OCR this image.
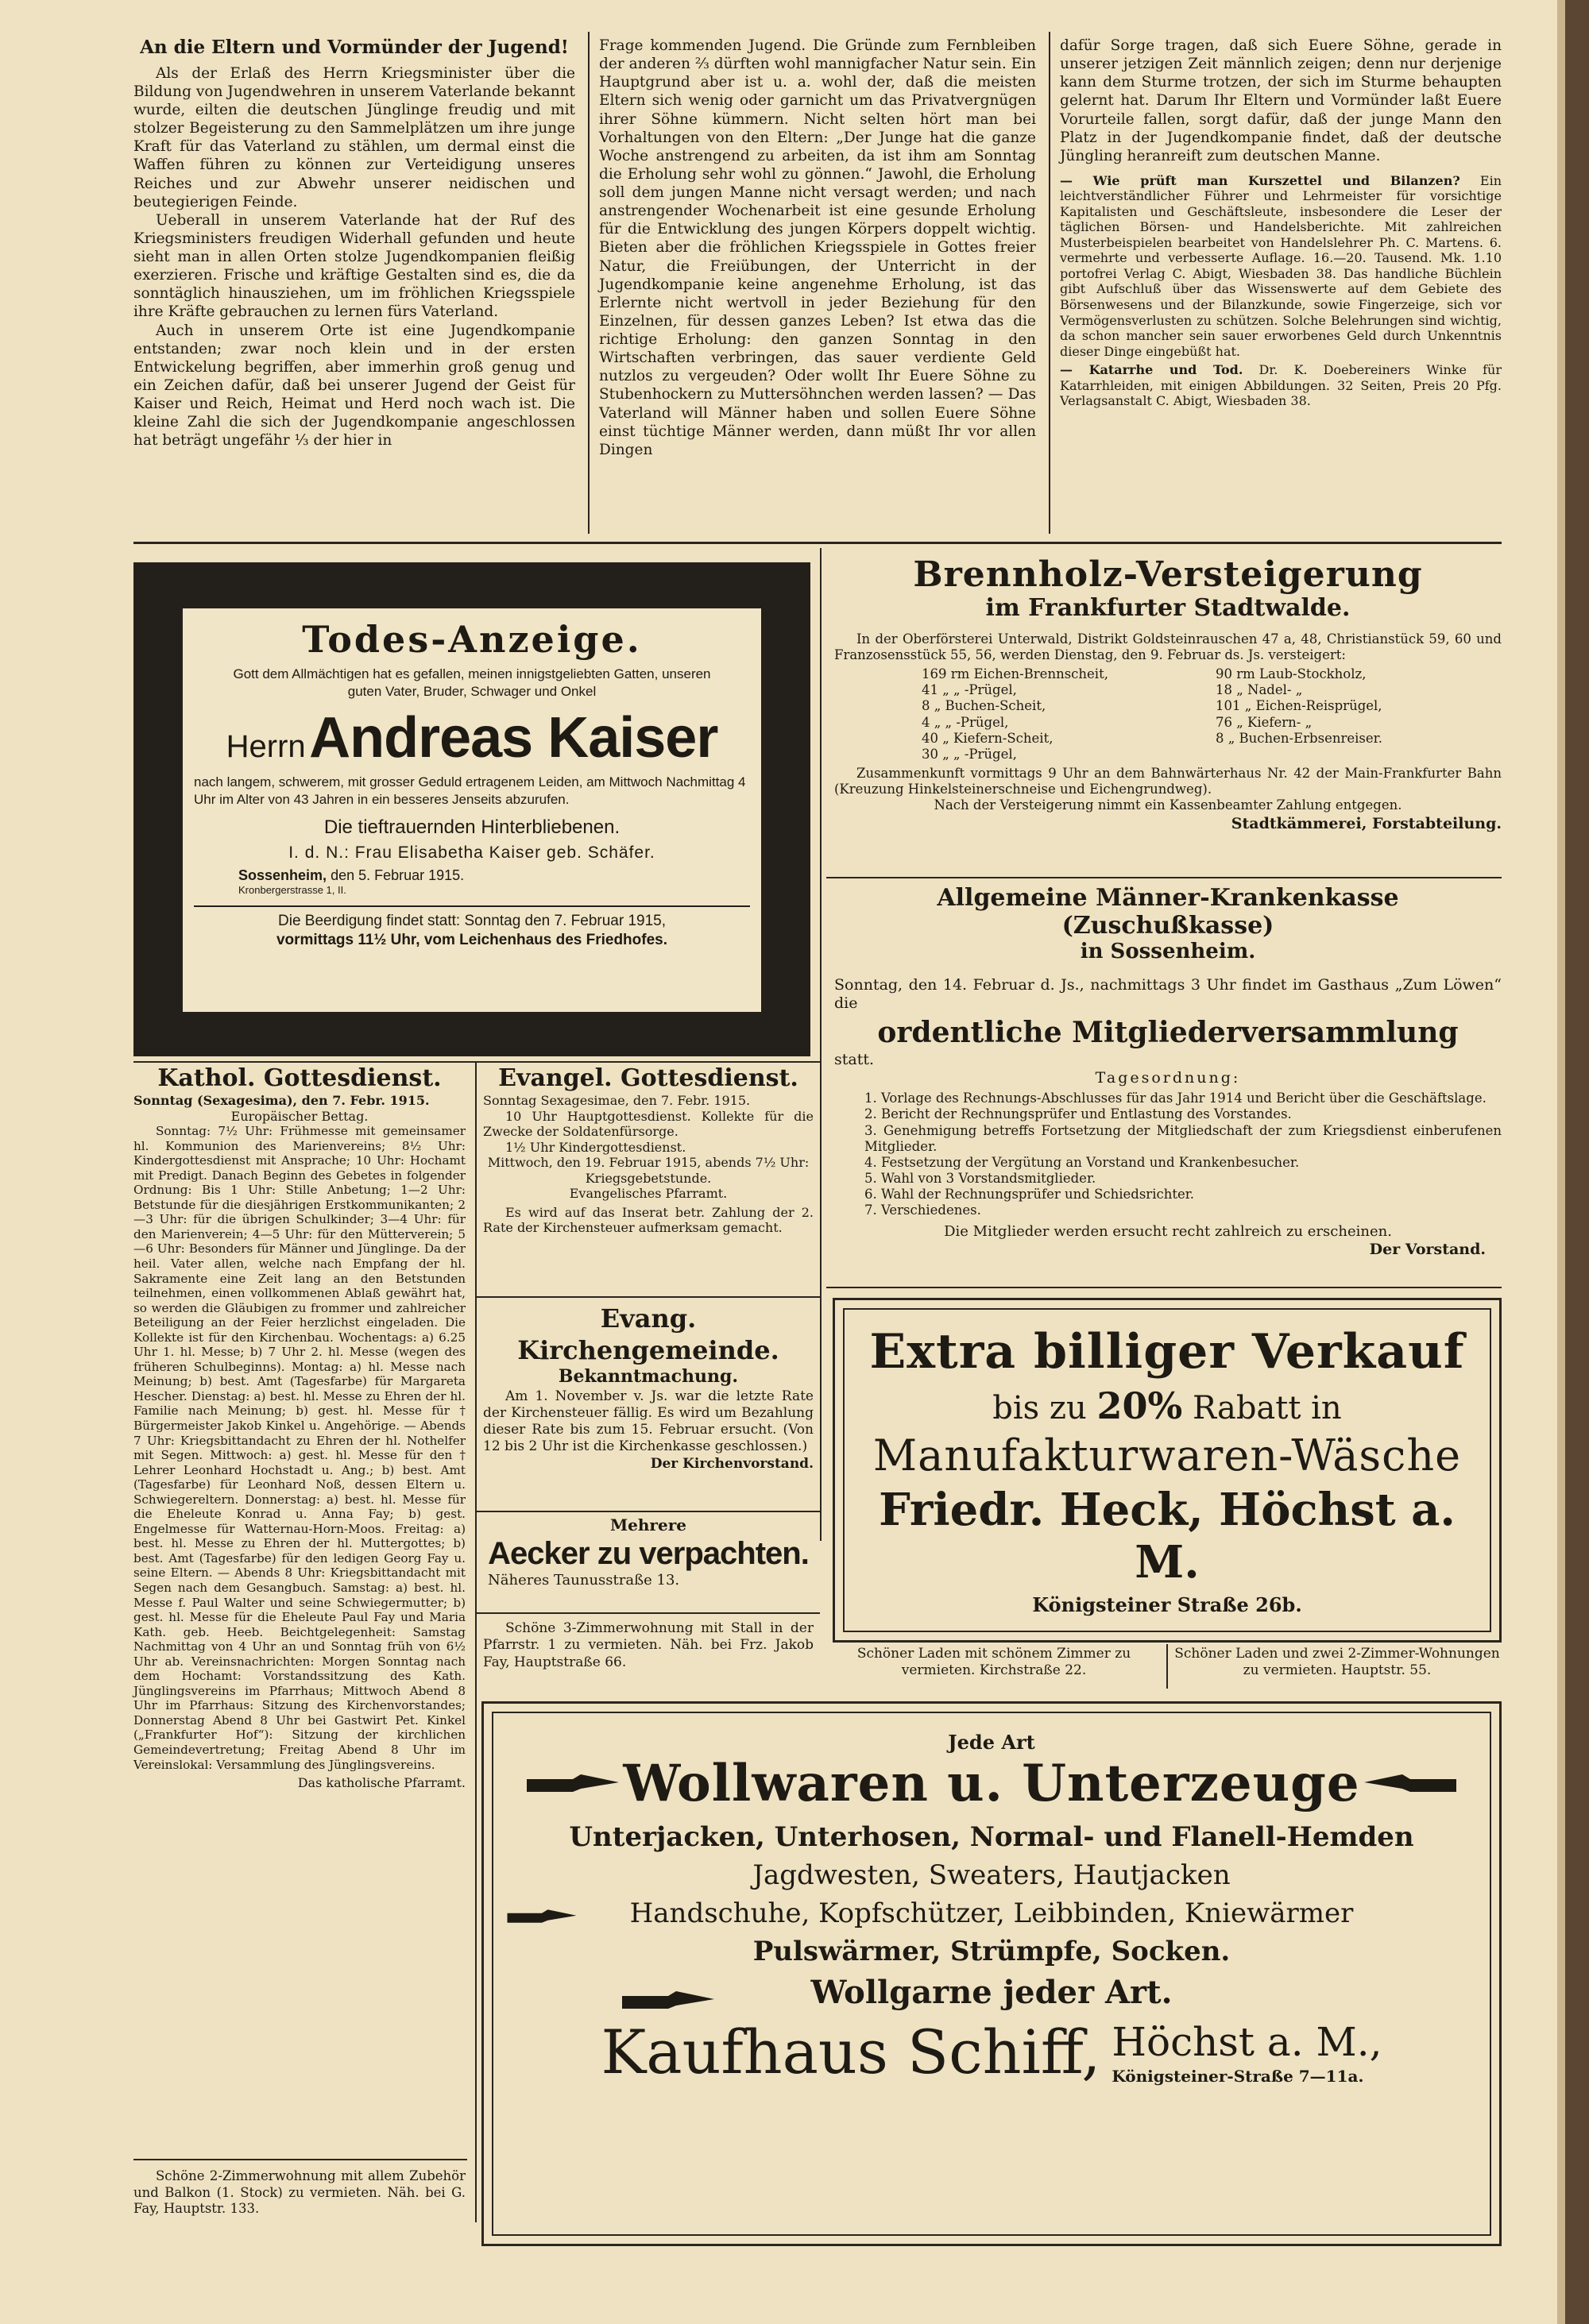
An die Eltern und Vormünder der Jugend!

Als der Erlaß des Herrn Kriegsminister über die Bildung von Jugendwehren in unserem Vaterlande bekannt wurde, eilten die deutschen Jünglinge freudig und mit stolzer Begeisterung zu den Sammelplätzen um ihre junge Kraft für das Vaterland zu stählen, um dermal einst die Waffen führen zu können zur Verteidigung unseres Reiches und zur Abwehr unserer neidischen und beutegierigen Feinde.

Ueberall in unserem Vaterlande hat der Ruf des Kriegsministers freudigen Widerhall gefunden und heute sieht man in allen Orten stolze Jugendkompanien fleißig exerzieren. Frische und kräftige Gestalten sind es, die da sonntäglich hinausziehen, um im fröhlichen Kriegsspiele ihre Kräfte gebrauchen zu lernen fürs Vaterland.

Auch in unserem Orte ist eine Jugendkompanie entstanden; zwar noch klein und in der ersten Entwickelung begriffen, aber immerhin groß genug und ein Zeichen dafür, daß bei unserer Jugend der Geist für Kaiser und Reich, Heimat und Herd noch wach ist. Die kleine Zahl die sich der Jugendkompanie angeschlossen hat beträgt ungefähr ⅓ der hier in

Frage kommenden Jugend. Die Gründe zum Fernbleiben der anderen ⅔ dürften wohl mannigfacher Natur sein. Ein Hauptgrund aber ist u. a. wohl der, daß die meisten Eltern sich wenig oder garnicht um das Privatvergnügen ihrer Söhne kümmern. Nicht selten hört man bei Vorhaltungen von den Eltern: „Der Junge hat die ganze Woche anstrengend zu arbeiten, da ist ihm am Sonntag die Erholung sehr wohl zu gönnen.“ Jawohl, die Erholung soll dem jungen Manne nicht versagt werden; und nach anstrengender Wochenarbeit ist eine gesunde Erholung für die Entwicklung des jungen Körpers doppelt wichtig. Bieten aber die fröhlichen Kriegsspiele in Gottes freier Natur, die Freiübungen, der Unterricht in der Jugendkompanie keine angenehme Erholung, ist das Erlernte nicht wertvoll in jeder Beziehung für den Einzelnen, für dessen ganzes Leben? Ist etwa das die richtige Erholung: den ganzen Sonntag in den Wirtschaften verbringen, das sauer verdiente Geld nutzlos zu vergeuden? Oder wollt Ihr Euere Söhne zu Stubenhockern zu Muttersöhnchen werden lassen? — Das Vaterland will Männer haben und sollen Euere Söhne einst tüchtige Männer werden, dann müßt Ihr vor allen Dingen

dafür Sorge tragen, daß sich Euere Söhne, gerade in unserer jetzigen Zeit männlich zeigen; denn nur derjenige kann dem Sturme trotzen, der sich im Sturme behaupten gelernt hat. Darum Ihr Eltern und Vormünder laßt Euere Vorurteile fallen, sorgt dafür, daß der junge Mann den Platz in der Jugendkompanie findet, daß der deutsche Jüngling heranreift zum deutschen Manne.

— Wie prüft man Kurszettel und Bilanzen? Ein leichtverständlicher Führer und Lehrmeister für vorsichtige Kapitalisten und Geschäftsleute, insbesondere die Leser der täglichen Börsen- und Handelsberichte. Mit zahlreichen Musterbeispielen bearbeitet von Handelslehrer Ph. C. Martens. 6. vermehrte und verbesserte Auflage. 16.—20. Tausend. Mk. 1.10 portofrei Verlag C. Abigt, Wiesbaden 38. Das handliche Büchlein gibt Aufschluß über das Wissenswerte auf dem Gebiete des Börsenwesens und der Bilanzkunde, sowie Fingerzeige, sich vor Vermögensverlusten zu schützen. Solche Belehrungen sind wichtig, da schon mancher sein sauer erworbenes Geld durch Unkenntnis dieser Dinge eingebüßt hat.
— Katarrhe und Tod. Dr. K. Doebereiners Winke für Katarrhleiden, mit einigen Abbildungen. 32 Seiten, Preis 20 Pfg. Verlagsanstalt C. Abigt, Wiesbaden 38.
Todes-Anzeige.
Gott dem Allmächtigen hat es gefallen, meinen innigstgeliebten Gatten, unseren guten Vater, Bruder, Schwager und Onkel
Herrn Andreas Kaiser
nach langem, schwerem, mit grosser Geduld ertragenem Leiden, am Mittwoch Nachmittag 4 Uhr im Alter von 43 Jahren in ein besseres Jenseits abzurufen.
Die tieftrauernden Hinterbliebenen.
I. d. N.: Frau Elisabetha Kaiser geb. Schäfer.
Sossenheim, den 5. Februar 1915.
Kronbergerstrasse 1, II.
Die Beerdigung findet statt: Sonntag den 7. Februar 1915,
vormittags 11½ Uhr, vom Leichenhaus des Friedhofes.
Brennholz-Versteigerung
im Frankfurter Stadtwalde.

In der Oberförsterei Unterwald, Distrikt Goldsteinrauschen 47 a, 48, Christianstück 59, 60 und Franzosensstück 55, 56, werden Dienstag, den 9. Februar ds. Js. versteigert:

169 rm Eichen-Brennscheit,
41 „ „ -Prügel,
8 „ Buchen-Scheit,
4 „ „ -Prügel,
40 „ Kiefern-Scheit,
30 „ „ -Prügel,
90 rm Laub-Stockholz,
18 „ Nadel- „
101 „ Eichen-Reisprügel,
76 „ Kiefern- „
8 „ Buchen-Erbsenreiser.

Zusammenkunft vormittags 9 Uhr an dem Bahnwärterhaus Nr. 42 der Main-Frankfurter Bahn (Kreuzung Hinkelsteinerschneise und Eichengrundweg).

Nach der Versteigerung nimmt ein Kassenbeamter Zahlung entgegen.
Stadtkämmerei, Forstabteilung.
Allgemeine Männer-Krankenkasse (Zuschußkasse)
in Sossenheim.

Sonntag, den 14. Februar d. Js., nachmittags 3 Uhr findet im Gasthaus „Zum Löwen“ die

ordentliche Mitgliederversammlung
statt.
Tagesordnung:
1. Vorlage des Rechnungs-Abschlusses für das Jahr 1914 und Bericht über die Geschäftslage.
2. Bericht der Rechnungsprüfer und Entlastung des Vorstandes.
3. Genehmigung betreffs Fortsetzung der Mitgliedschaft der zum Kriegsdienst einberufenen Mitglieder.
4. Festsetzung der Vergütung an Vorstand und Krankenbesucher.
5. Wahl von 3 Vorstandsmitglieder.
6. Wahl der Rechnungsprüfer und Schiedsrichter.
7. Verschiedenes.
Die Mitglieder werden ersucht recht zahlreich zu erscheinen.
Der Vorstand.
Extra billiger Verkauf
bis zu 20% Rabatt in
Manufakturwaren-Wäsche
Friedr. Heck, Höchst a. M.
Königsteiner Straße 26b.
Schöner Laden mit schönem Zimmer zu vermieten. Kirchstraße 22.
Schöner Laden und zwei 2-Zimmer-Wohnungen zu vermieten. Hauptstr. 55.
Kathol. Gottesdienst.
Sonntag (Sexagesima), den 7. Febr. 1915.
Europäischer Bettag.

Sonntag: 7½ Uhr: Frühmesse mit gemeinsamer hl. Kommunion des Marienvereins; 8½ Uhr: Kindergottesdienst mit Ansprache; 10 Uhr: Hochamt mit Predigt. Danach Beginn des Gebetes in folgender Ordnung: Bis 1 Uhr: Stille Anbetung; 1—2 Uhr: Betstunde für die diesjährigen Erstkommunikanten; 2—3 Uhr: für die übrigen Schulkinder; 3—4 Uhr: für den Marienverein; 4—5 Uhr: für den Mütterverein; 5—6 Uhr: Besonders für Männer und Jünglinge. Da der heil. Vater allen, welche nach Empfang der hl. Sakramente eine Zeit lang an den Betstunden teilnehmen, einen vollkommenen Ablaß gewährt hat, so werden die Gläubigen zu frommer und zahlreicher Beteiligung an der Feier herzlichst eingeladen. Die Kollekte ist für den Kirchenbau. Wochentags: a) 6.25 Uhr 1. hl. Messe; b) 7 Uhr 2. hl. Messe (wegen des früheren Schulbeginns). Montag: a) hl. Messe nach Meinung; b) best. Amt (Tagesfarbe) für Margareta Hescher. Dienstag: a) best. hl. Messe zu Ehren der hl. Familie nach Meinung; b) gest. hl. Messe für † Bürgermeister Jakob Kinkel u. Angehörige. — Abends 7 Uhr: Kriegsbittandacht zu Ehren der hl. Nothelfer mit Segen. Mittwoch: a) gest. hl. Messe für den † Lehrer Leonhard Hochstadt u. Ang.; b) best. Amt (Tagesfarbe) für Leonhard Noß, dessen Eltern u. Schwiegereltern. Donnerstag: a) best. hl. Messe für die Eheleute Konrad u. Anna Fay; b) gest. Engelmesse für Watternau-Horn-Moos. Freitag: a) best. hl. Messe zu Ehren der hl. Muttergottes; b) best. Amt (Tagesfarbe) für den ledigen Georg Fay u. seine Eltern. — Abends 8 Uhr: Kriegsbittandacht mit Segen nach dem Gesangbuch. Samstag: a) best. hl. Messe f. Paul Walter und seine Schwiegermutter; b) gest. hl. Messe für die Eheleute Paul Fay und Maria Kath. geb. Heeb. Beichtgelegenheit: Samstag Nachmittag von 4 Uhr an und Sonntag früh von 6½ Uhr ab. Vereinsnachrichten: Morgen Sonntag nach dem Hochamt: Vorstandssitzung des Kath. Jünglingsvereins im Pfarrhaus; Mittwoch Abend 8 Uhr im Pfarrhaus: Sitzung des Kirchenvorstandes; Donnerstag Abend 8 Uhr bei Gastwirt Pet. Kinkel („Frankfurter Hof“): Sitzung der kirchlichen Gemeindevertretung; Freitag Abend 8 Uhr im Vereinslokal: Versammlung des Jünglingsvereins.

Das katholische Pfarramt.

Schöne 2-Zimmerwohnung mit allem Zubehör und Balkon (1. Stock) zu vermieten. Näh. bei G. Fay, Hauptstr. 133.

Evangel. Gottesdienst.
Sonntag Sexagesimae, den 7. Febr. 1915.

10 Uhr Hauptgottesdienst. Kollekte für die Zwecke der Soldatenfürsorge.

1½ Uhr Kindergottesdienst.

Mittwoch, den 19. Februar 1915, abends 7½ Uhr: Kriegsgebetstunde.

Evangelisches Pfarramt.

Es wird auf das Inserat betr. Zahlung der 2. Rate der Kirchensteuer aufmerksam gemacht.

Evang. Kirchengemeinde.
Bekanntmachung.

Am 1. November v. Js. war die letzte Rate der Kirchensteuer fällig. Es wird um Bezahlung dieser Rate bis zum 15. Februar ersucht. (Von 12 bis 2 Uhr ist die Kirchenkasse geschlossen.)

Der Kirchenvorstand.
Mehrere
Aecker zu verpachten.
Näheres Taunusstraße 13.

Schöne 3-Zimmerwohnung mit Stall in der Pfarrstr. 1 zu vermieten. Näh. bei Frz. Jakob Fay, Hauptstraße 66.

Jede Art
Wollwaren u. Unterzeuge
Unterjacken, Unterhosen, Normal- und Flanell-Hemden
Jagdwesten, Sweaters, Hautjacken
Handschuhe, Kopfschützer, Leibbinden, Kniewärmer
Pulswärmer, Strümpfe, Socken.
Wollgarne jeder Art.
Kaufhaus Schiff, Höchst a. M.,
Königsteiner-Straße 7—11a.
